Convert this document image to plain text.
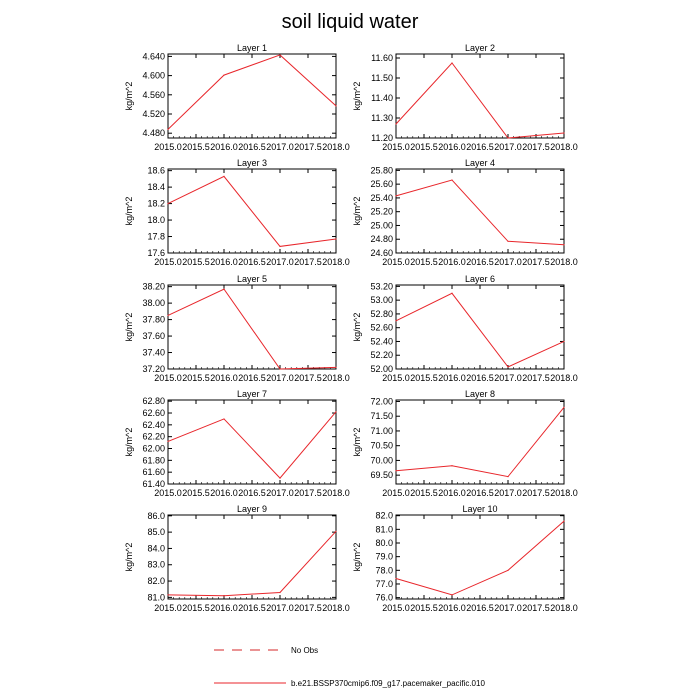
soil liquid water
Layer 1
2015.0 2015.5 2016.0 2016.5 2017.0 2017.5 2018.0
4.480
4.520
4.560
4.600
4.640
kg/m^2
Layer 2
2015.0 2015.5 2016.0 2016.5 2017.0 2017.5 2018.0
11.20
11.30
11.40
11.50
11.60
kg/m^2
Layer 3
2015.0 2015.5 2016.0 2016.5 2017.0 2017.5 2018.0
17.6
17.8
18.0
18.2
18.4
18.6
kg/m^2
Layer 4
2015.0 2015.5 2016.0 2016.5 2017.0 2017.5 2018.0
24.60
24.80
25.00
25.20
25.40
25.60
25.80
kg/m^2
Layer 5
2015.0 2015.5 2016.0 2016.5 2017.0 2017.5 2018.0
37.20
37.40
37.60
37.80
38.00
38.20
kg/m^2
Layer 6
2015.0 2015.5 2016.0 2016.5 2017.0 2017.5 2018.0
52.00
52.20
52.40
52.60
52.80
53.00
53.20
kg/m^2
Layer 7
2015.0 2015.5 2016.0 2016.5 2017.0 2017.5 2018.0
61.40
61.60
61.80
62.00
62.20
62.40
62.60
62.80
kg/m^2
Layer 8
2015.0 2015.5 2016.0 2016.5 2017.0 2017.5 2018.0
69.50
70.00
70.50
71.00
71.50
72.00
kg/m^2
Layer 9
2015.0 2015.5 2016.0 2016.5 2017.0 2017.5 2018.0
81.0
82.0
83.0
84.0
85.0
86.0
kg/m^2
Layer 10
2015.0 2015.5 2016.0 2016.5 2017.0 2017.5 2018.0
76.0
77.0
78.0
79.0
80.0
81.0
82.0
kg/m^2
No Obs
b.e21.BSSP370cmip6.f09_g17.pacemaker_pacific.010
